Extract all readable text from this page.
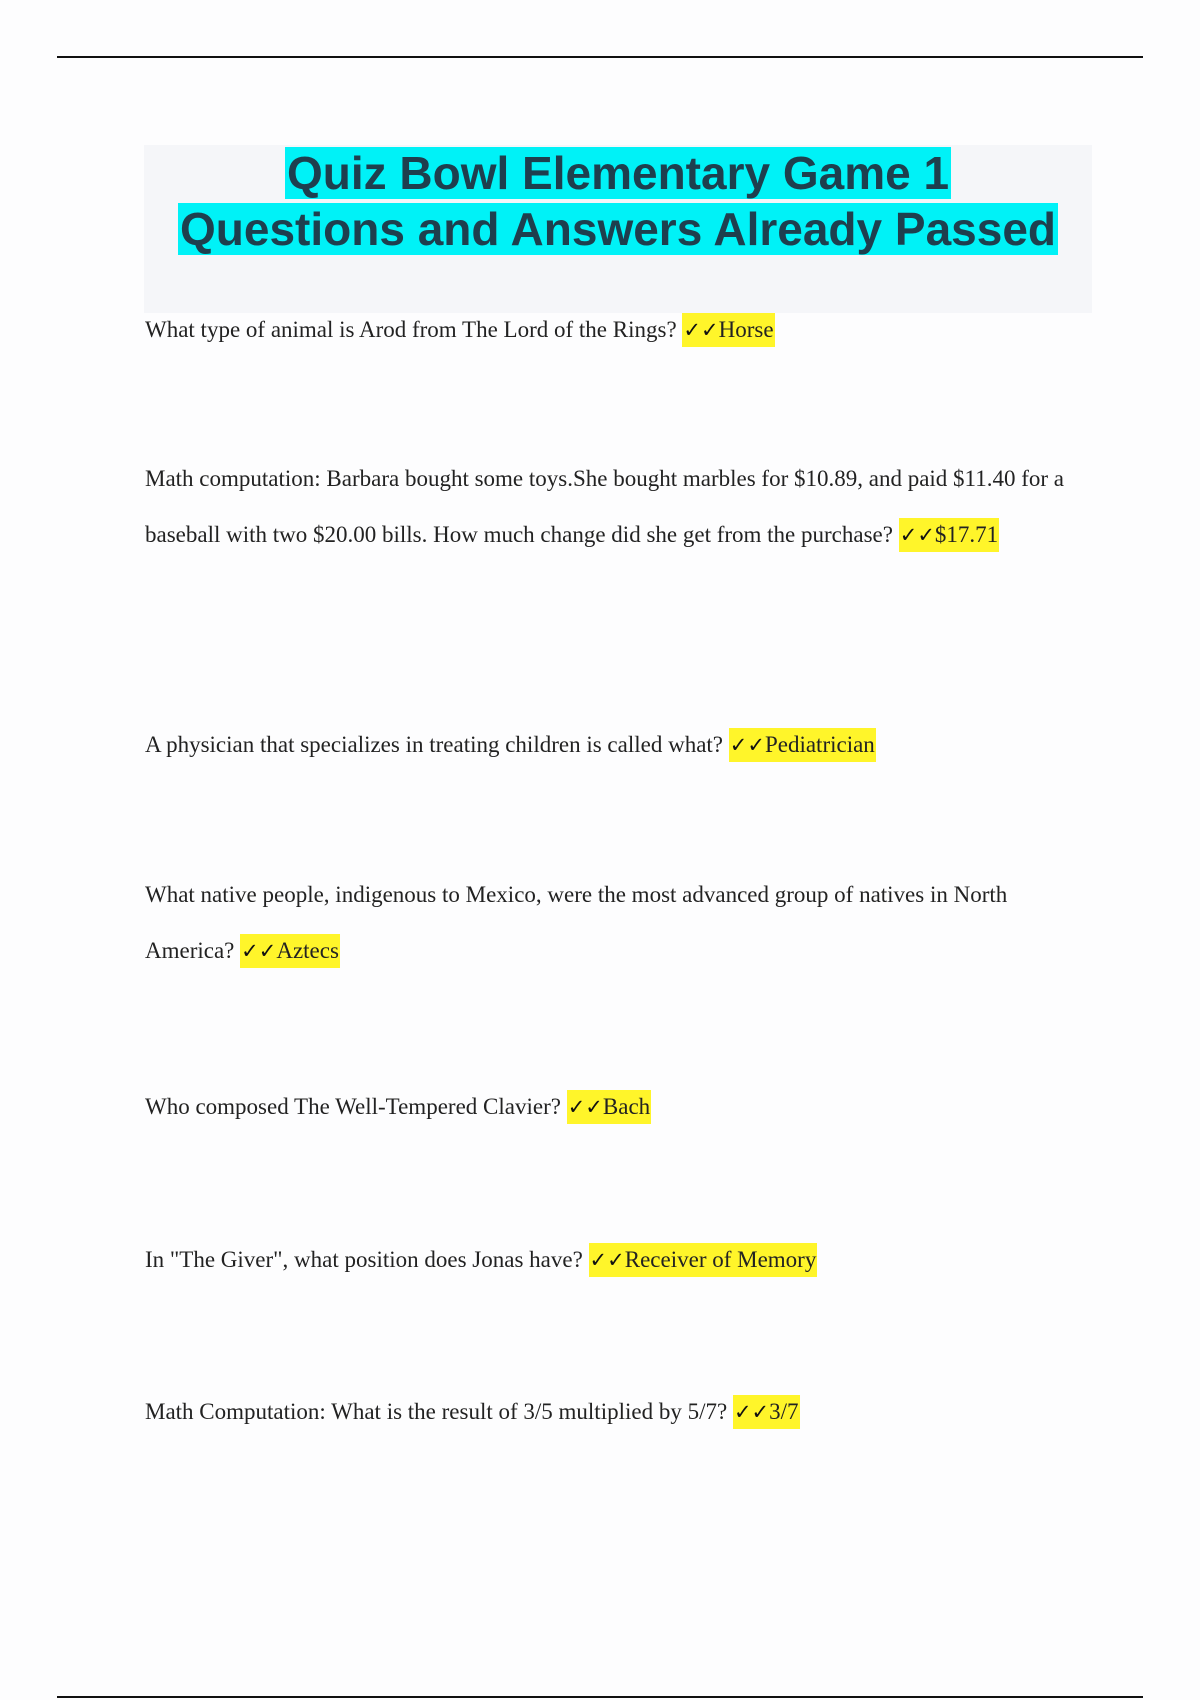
Quiz Bowl Elementary Game 1

Questions and Answers Already Passed

What type of animal is Arod from The Lord of the Rings? ✓✓Horse
Math computation: Barbara bought some toys.She bought marbles for $10.89, and paid $11.40 for a baseball with two $20.00 bills. How much change did she get from the purchase? ✓✓$17.71
A physician that specializes in treating children is called what? ✓✓Pediatrician
What native people, indigenous to Mexico, were the most advanced group of natives in North America? ✓✓Aztecs
Who composed The Well-Tempered Clavier? ✓✓Bach
In "The Giver", what position does Jonas have? ✓✓Receiver of Memory
Math Computation: What is the result of 3/5 multiplied by 5/7? ✓✓3/7
